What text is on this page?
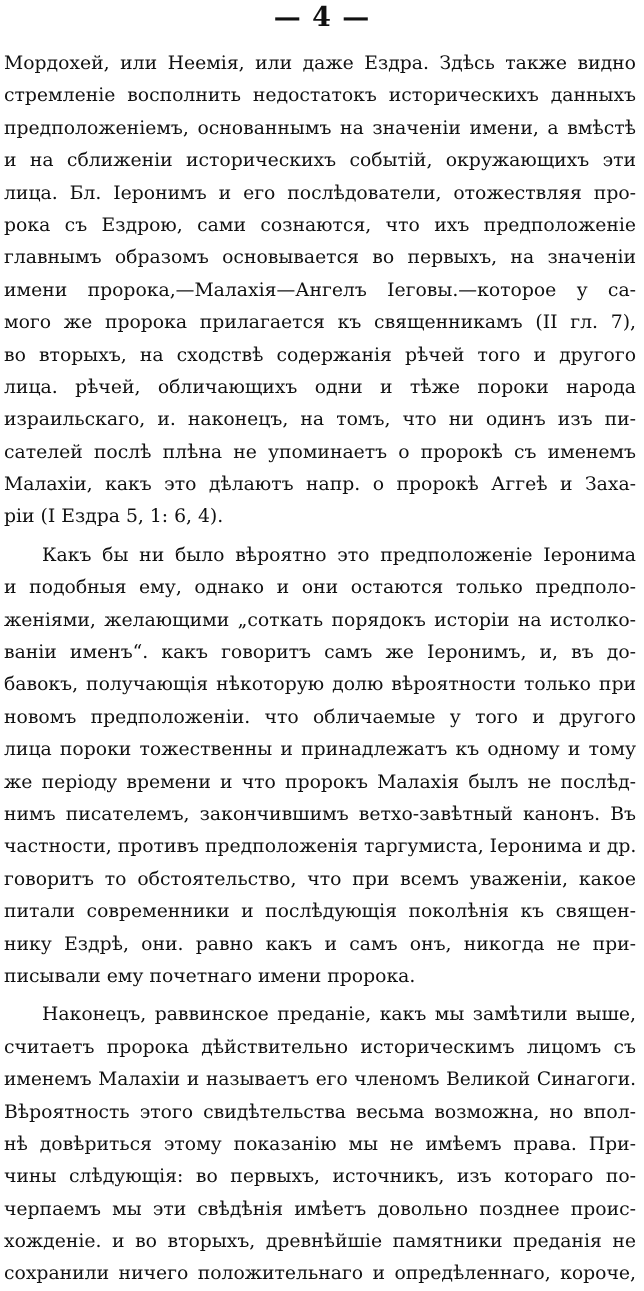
— 4 —
Мордохей, или Неемія, или даже Ездра. Здѣсь также видно
стремленіе восполнить недостатокъ историческихъ данныхъ
предположеніемъ, основаннымъ на значеніи имени, а вмѣстѣ
и на сближеніи историческихъ событій, окружающихъ эти
лица. Бл. Іеронимъ и его послѣдователи, отожествляя про-
рока съ Ездрою, сами сознаются, что ихъ предположеніе
главнымъ образомъ основывается во первыхъ, на значеніи
имени пророка,—Малахія—Ангелъ Іеговы.—которое у са-
мого же пророка прилагается къ священникамъ (II гл. 7),
во вторыхъ, на сходствѣ содержанія рѣчей того и другого
лица. рѣчей, обличающихъ одни и тѣже пороки народа
израильскаго, и. наконецъ, на томъ, что ни одинъ изъ пи-
сателей послѣ плѣна не упоминаетъ о пророкѣ съ именемъ
Малахіи, какъ это дѣлаютъ напр. о пророкѣ Аггеѣ и Заха-
ріи (I Ездра 5, 1: 6, 4).
Какъ бы ни было вѣроятно это предположеніе Іеронима
и подобныя ему, однако и они остаются только предполо-
женіями, желающими „соткать порядокъ исторіи на истолко-
ваніи именъ“. какъ говоритъ самъ же Іеронимъ, и, въ до-
бавокъ, получающія нѣкоторую долю вѣроятности только при
новомъ предположеніи. что обличаемые у того и другого
лица пороки тожественны и принадлежатъ къ одному и тому
же періоду времени и что пророкъ Малахія былъ не послѣд-
нимъ писателемъ, закончившимъ ветхо-завѣтный канонъ. Въ
частности, противъ предположенія таргумиста, Іеронима и др.
говоритъ то обстоятельство, что при всемъ уваженіи, какое
питали современники и послѣдующія поколѣнія къ священ-
нику Ездрѣ, они. равно какъ и самъ онъ, никогда не при-
писывали ему почетнаго имени пророка.
Наконецъ, раввинское преданіе, какъ мы замѣтили выше,
считаетъ пророка дѣйствительно историческимъ лицомъ съ
именемъ Малахіи и называетъ его членомъ Великой Синагоги.
Вѣроятность этого свидѣтельства весьма возможна, но впол-
нѣ довѣриться этому показанію мы не имѣемъ права. При-
чины слѣдующія: во первыхъ, источникъ, изъ котораго по-
черпаемъ мы эти свѣдѣнія имѣетъ довольно позднее проис-
хожденіе. и во вторыхъ, древнѣйшіе памятники преданія не
сохранили ничего положительнаго и опредѣленнаго, короче,
